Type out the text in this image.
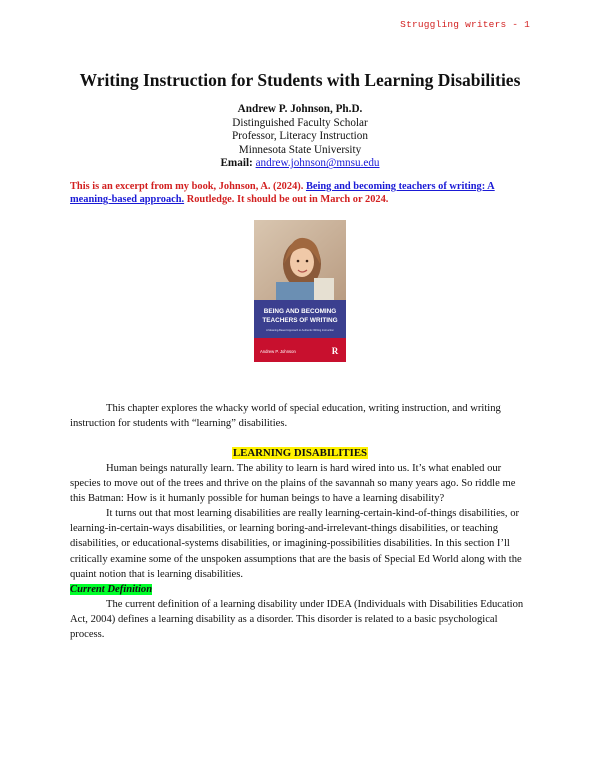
Struggling writers - 1
Writing Instruction for Students with Learning Disabilities
Andrew P. Johnson, Ph.D.
Distinguished Faculty Scholar
Professor, Literacy Instruction
Minnesota State University
Email: andrew.johnson@mnsu.edu
This is an excerpt from my book, Johnson, A. (2024). Being and becoming teachers of writing: A meaning-based approach. Routledge. It should be out in March or 2024.
BEING AND BECOMING
TEACHERS OF WRITING
A Meaning-Based Approach to Authentic Writing Instruction
Andrew P. Johnson	R

This chapter explores the whacky world of special education, writing instruction, and writing instruction for students with “learning” disabilities.

LEARNING DISABILITIES

Human beings naturally learn. The ability to learn is hard wired into us. It’s what enabled our species to move out of the trees and thrive on the plains of the savannah so many years ago. So riddle me this Batman: How is it humanly possible for human beings to have a learning disability?

It turns out that most learning disabilities are really learning-certain-kind-of-things disabilities, or learning-in-certain-ways disabilities, or learning boring-and-irrelevant-things disabilities, or teaching disabilities, or educational-systems disabilities, or imagining-possibilities disabilities. In this section I’ll critically examine some of the unspoken assumptions that are the basis of Special Ed World along with the quaint notion that is learning disabilities.

Current Definition

The current definition of a learning disability under IDEA (Individuals with Disabilities Education Act, 2004) defines a learning disability as a disorder. This disorder is related to a basic psychological process.
